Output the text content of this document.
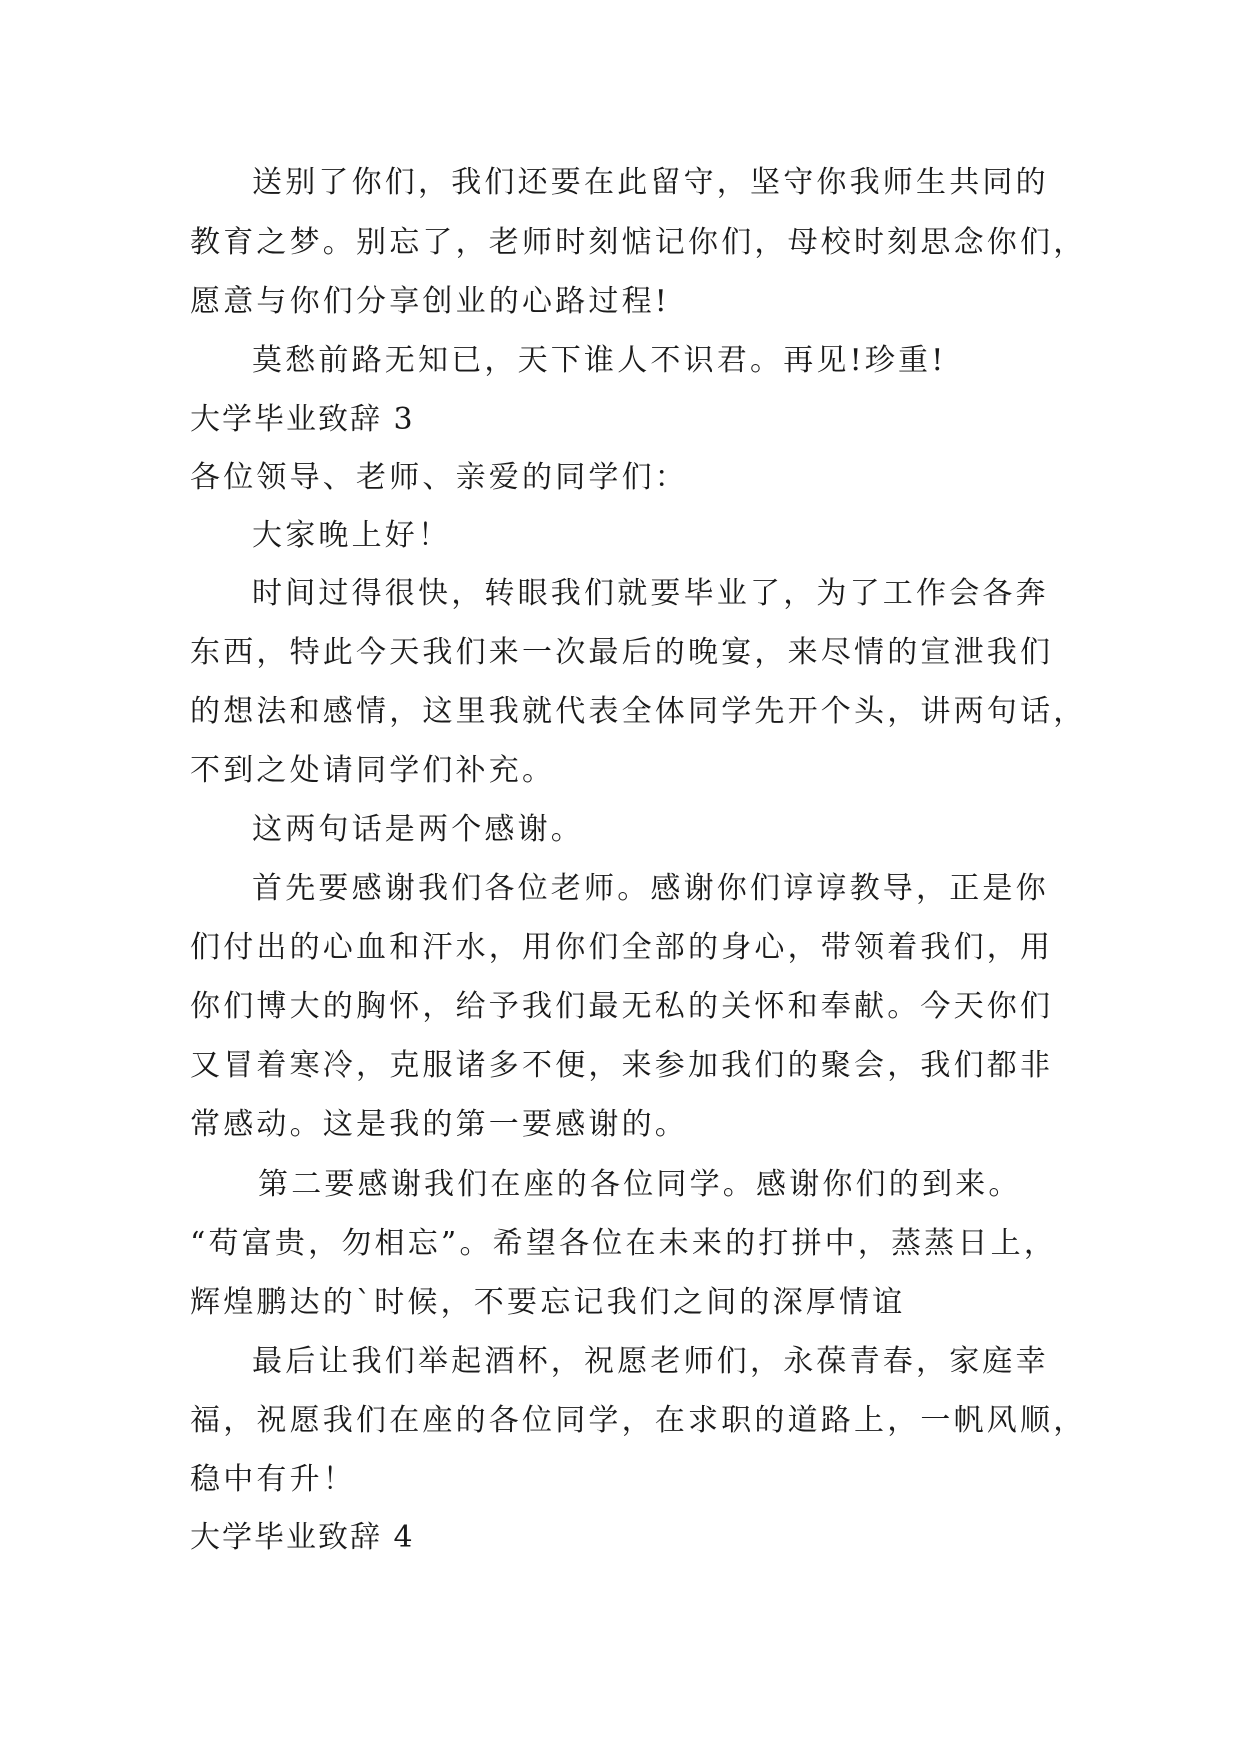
送别了你们，我们还要在此留守，坚守你我师生共同的
教育之梦。别忘了，老师时刻惦记你们，母校时刻思念你们，
愿意与你们分享创业的心路过程!
莫愁前路无知已，天下谁人不识君。再见!珍重!
大学毕业致辞 3
各位领导、老师、亲爱的同学们：
大家晚上好！
时间过得很快，转眼我们就要毕业了，为了工作会各奔
东西，特此今天我们来一次最后的晚宴，来尽情的宣泄我们
的想法和感情，这里我就代表全体同学先开个头，讲两句话，
不到之处请同学们补充。
这两句话是两个感谢。
首先要感谢我们各位老师。感谢你们谆谆教导，正是你
们付出的心血和汗水，用你们全部的身心，带领着我们，用
你们博大的胸怀，给予我们最无私的关怀和奉献。今天你们
又冒着寒冷，克服诸多不便，来参加我们的聚会，我们都非
常感动。这是我的第一要感谢的。
第二要感谢我们在座的各位同学。感谢你们的到来。
“苟富贵，勿相忘”。希望各位在未来的打拼中，蒸蒸日上，
辉煌鹏达的`时候，不要忘记我们之间的深厚情谊
最后让我们举起酒杯，祝愿老师们，永葆青春，家庭幸
福，祝愿我们在座的各位同学，在求职的道路上，一帆风顺，
稳中有升！
大学毕业致辞 4
